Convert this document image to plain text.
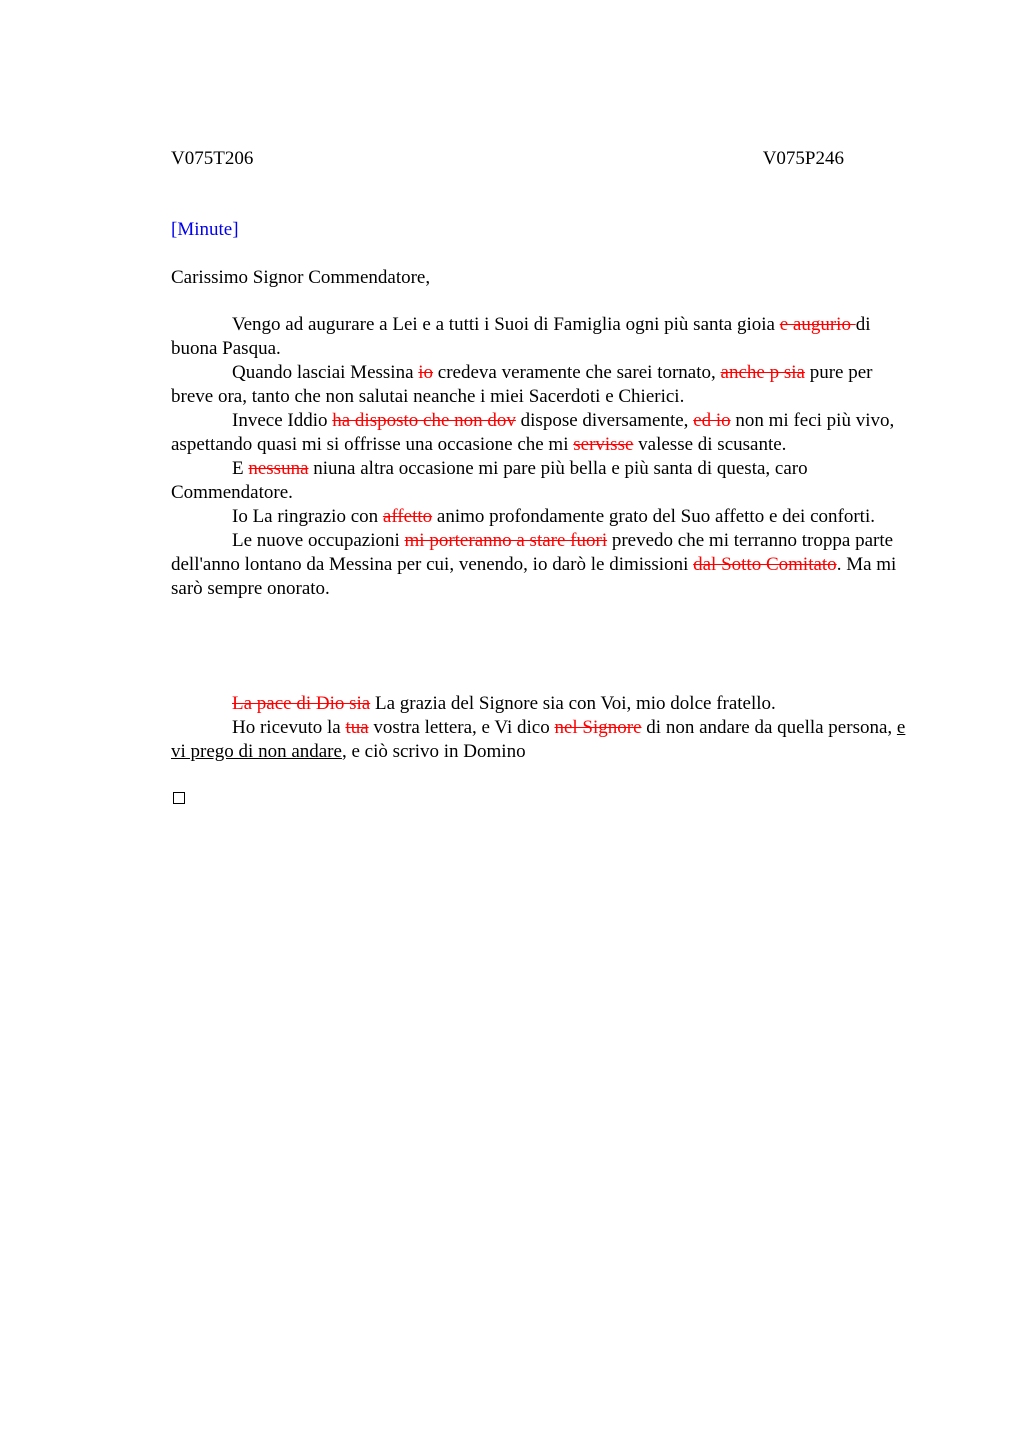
V075T206	V075P246
[Minute]
Carissimo Signor Commendatore,

Vengo ad augurare a Lei e a tutti i Suoi di Famiglia ogni più santa gioia e augurio di buona Pasqua.

Quando lasciai Messina io credeva veramente che sarei tornato, anche p sia pure per breve ora, tanto che non salutai neanche i miei Sacerdoti e Chierici.

Invece Iddio ha disposto che non dov dispose diversamente, ed io non mi feci più vivo, aspettando quasi mi si offrisse una occasione che mi servisse valesse di scusante.

E nessuna niuna altra occasione mi pare più bella e più santa di questa, caro Commendatore.

Io La ringrazio con affetto animo profondamente grato del Suo affetto e dei conforti.

Le nuove occupazioni mi porteranno a stare fuori prevedo che mi terranno troppa parte dell'anno lontano da Messina per cui, venendo, io darò le dimissioni dal Sotto Comitato. Ma mi sarò sempre onorato.

La pace di Dio sia La grazia del Signore sia con Voi, mio dolce fratello.

Ho ricevuto la tua vostra lettera, e Vi dico nel Signore di non andare da quella persona, e vi prego di non andare, e ciò scrivo in Domino
